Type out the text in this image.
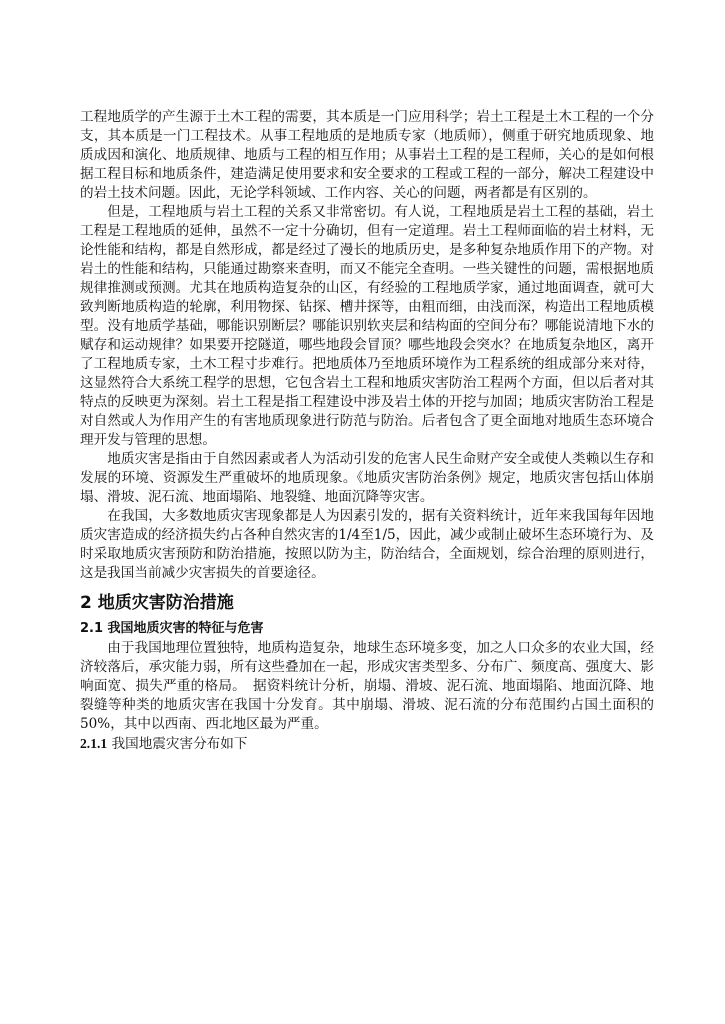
工程地质学的产生源于土木工程的需要，其本质是一门应用科学；岩土工程是土木工程的一个分支，其本质是一门工程技术。从事工程地质的是地质专家（地质师），侧重于研究地质现象、地质成因和演化、地质规律、地质与工程的相互作用；从事岩土工程的是工程师，关心的是如何根据工程目标和地质条件，建造满足使用要求和安全要求的工程或工程的一部分，解决工程建设中的岩土技术问题。因此，无论学科领域、工作内容、关心的问题，两者都是有区别的。

但是，工程地质与岩土工程的关系又非常密切。有人说，工程地质是岩土工程的基础，岩土工程是工程地质的延伸，虽然不一定十分确切，但有一定道理。岩土工程师面临的岩土材料，无论性能和结构，都是自然形成，都是经过了漫长的地质历史，是多种复杂地质作用下的产物。对岩土的性能和结构，只能通过勘察来查明，而又不能完全查明。一些关键性的问题，需根据地质规律推测或预测。尤其在地质构造复杂的山区，有经验的工程地质学家，通过地面调查，就可大致判断地质构造的轮廓，利用物探、钻探、槽井探等，由粗而细，由浅而深，构造出工程地质模型。没有地质学基础，哪能识别断层？哪能识别软夹层和结构面的空间分布？哪能说清地下水的赋存和运动规律？如果要开挖隧道，哪些地段会冒顶？哪些地段会突水？在地质复杂地区，离开了工程地质专家，土木工程寸步难行。把地质体乃至地质环境作为工程系统的组成部分来对待，这显然符合大系统工程学的思想，它包含岩土工程和地质灾害防治工程两个方面，但以后者对其特点的反映更为深刻。岩土工程是指工程建设中涉及岩土体的开挖与加固；地质灾害防治工程是对自然或人为作用产生的有害地质现象进行防范与防治。后者包含了更全面地对地质生态环境合理开发与管理的思想。

地质灾害是指由于自然因素或者人为活动引发的危害人民生命财产安全或使人类赖以生存和发展的环境、资源发生严重破坏的地质现象。《地质灾害防治条例》规定，地质灾害包括山体崩塌、滑坡、泥石流、地面塌陷、地裂缝、地面沉降等灾害。

在我国，大多数地质灾害现象都是人为因素引发的，据有关资料统计，近年来我国每年因地质灾害造成的经济损失约占各种自然灾害的1/4至1/5，因此，减少或制止破坏生态环境行为、及时采取地质灾害预防和防治措施，按照以防为主，防治结合，全面规划，综合治理的原则进行，这是我国当前减少灾害损失的首要途径。

2 地质灾害防治措施
2.1 我国地质灾害的特征与危害

由于我国地理位置独特，地质构造复杂，地球生态环境多变，加之人口众多的农业大国，经济较落后，承灾能力弱，所有这些叠加在一起，形成灾害类型多、分布广、频度高、强度大、影响面宽、损失严重的格局。　据资料统计分析，崩塌、滑坡、泥石流、地面塌陷、地面沉降、地裂缝等种类的地质灾害在我国十分发育。其中崩塌、滑坡、泥石流的分布范围约占国土面积的50%，其中以西南、西北地区最为严重。

2.1.1 我国地震灾害分布如下
